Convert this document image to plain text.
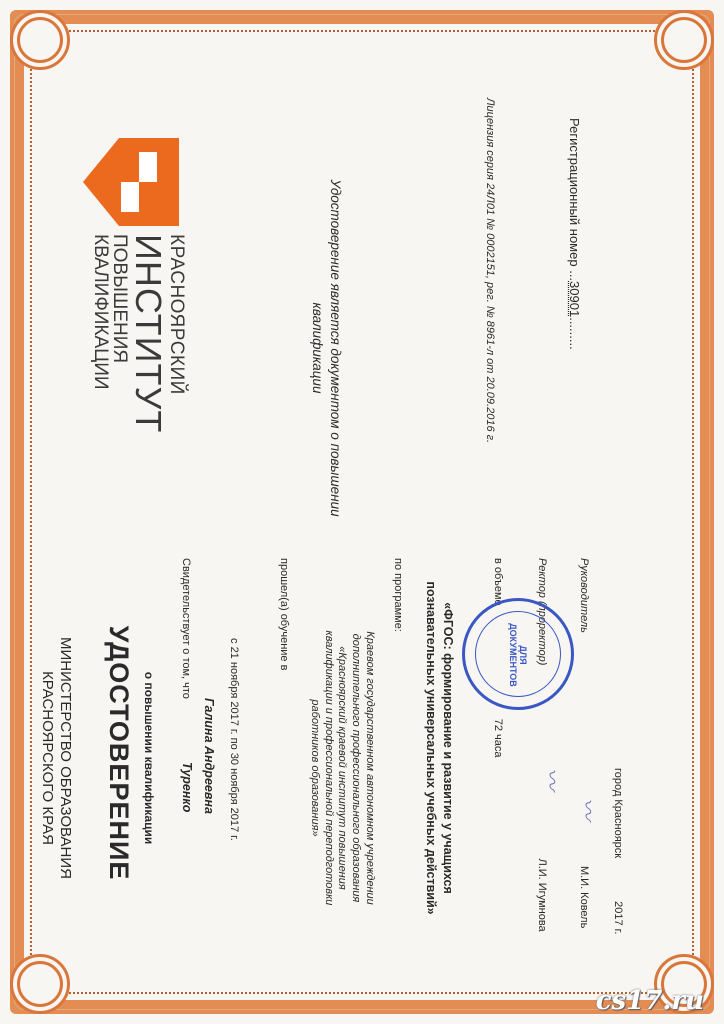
КРАСНОЯРСКИЙ
ИНСТИТУТ
ПОВЫШЕНИЯ
КВАЛИФИКАЦИИ	Удостоверение является документом о повышении квалификации	Лицензия серия 24Л01 № 0002151, рег. № 8961-л от 20.09.2016 г.	Регистрационный номер ...30901.........
МИНИСТЕРСТВО ОБРАЗОВАНИЯ
КРАСНОЯРСКОГО КРАЯ УДОСТОВЕРЕНИЕ о повышении квалификации
Свидетельствует о том, что Туренко Галина Андреевна
с 21 ноября 2017 г. по 30 ноября 2017 г.
прошел(а) обучение в
Краевом государственном автономном учреждении дополнительного профессионального образования «Красноярский краевой институт повышения квалификации и профессиональной переподготовки работников образования»
по программе:
«ФГОС: формирование и развитие у учащихся познавательных универсальных учебных действий»	в объеме 72 часа
Ректор (проректор) Л.И. Игумнова
Руководитель М.И. Ковель
город Красноярск 2017 г.
〰
〰
ДЛЯ ДОКУМЕНТОВ
cs17.ru
